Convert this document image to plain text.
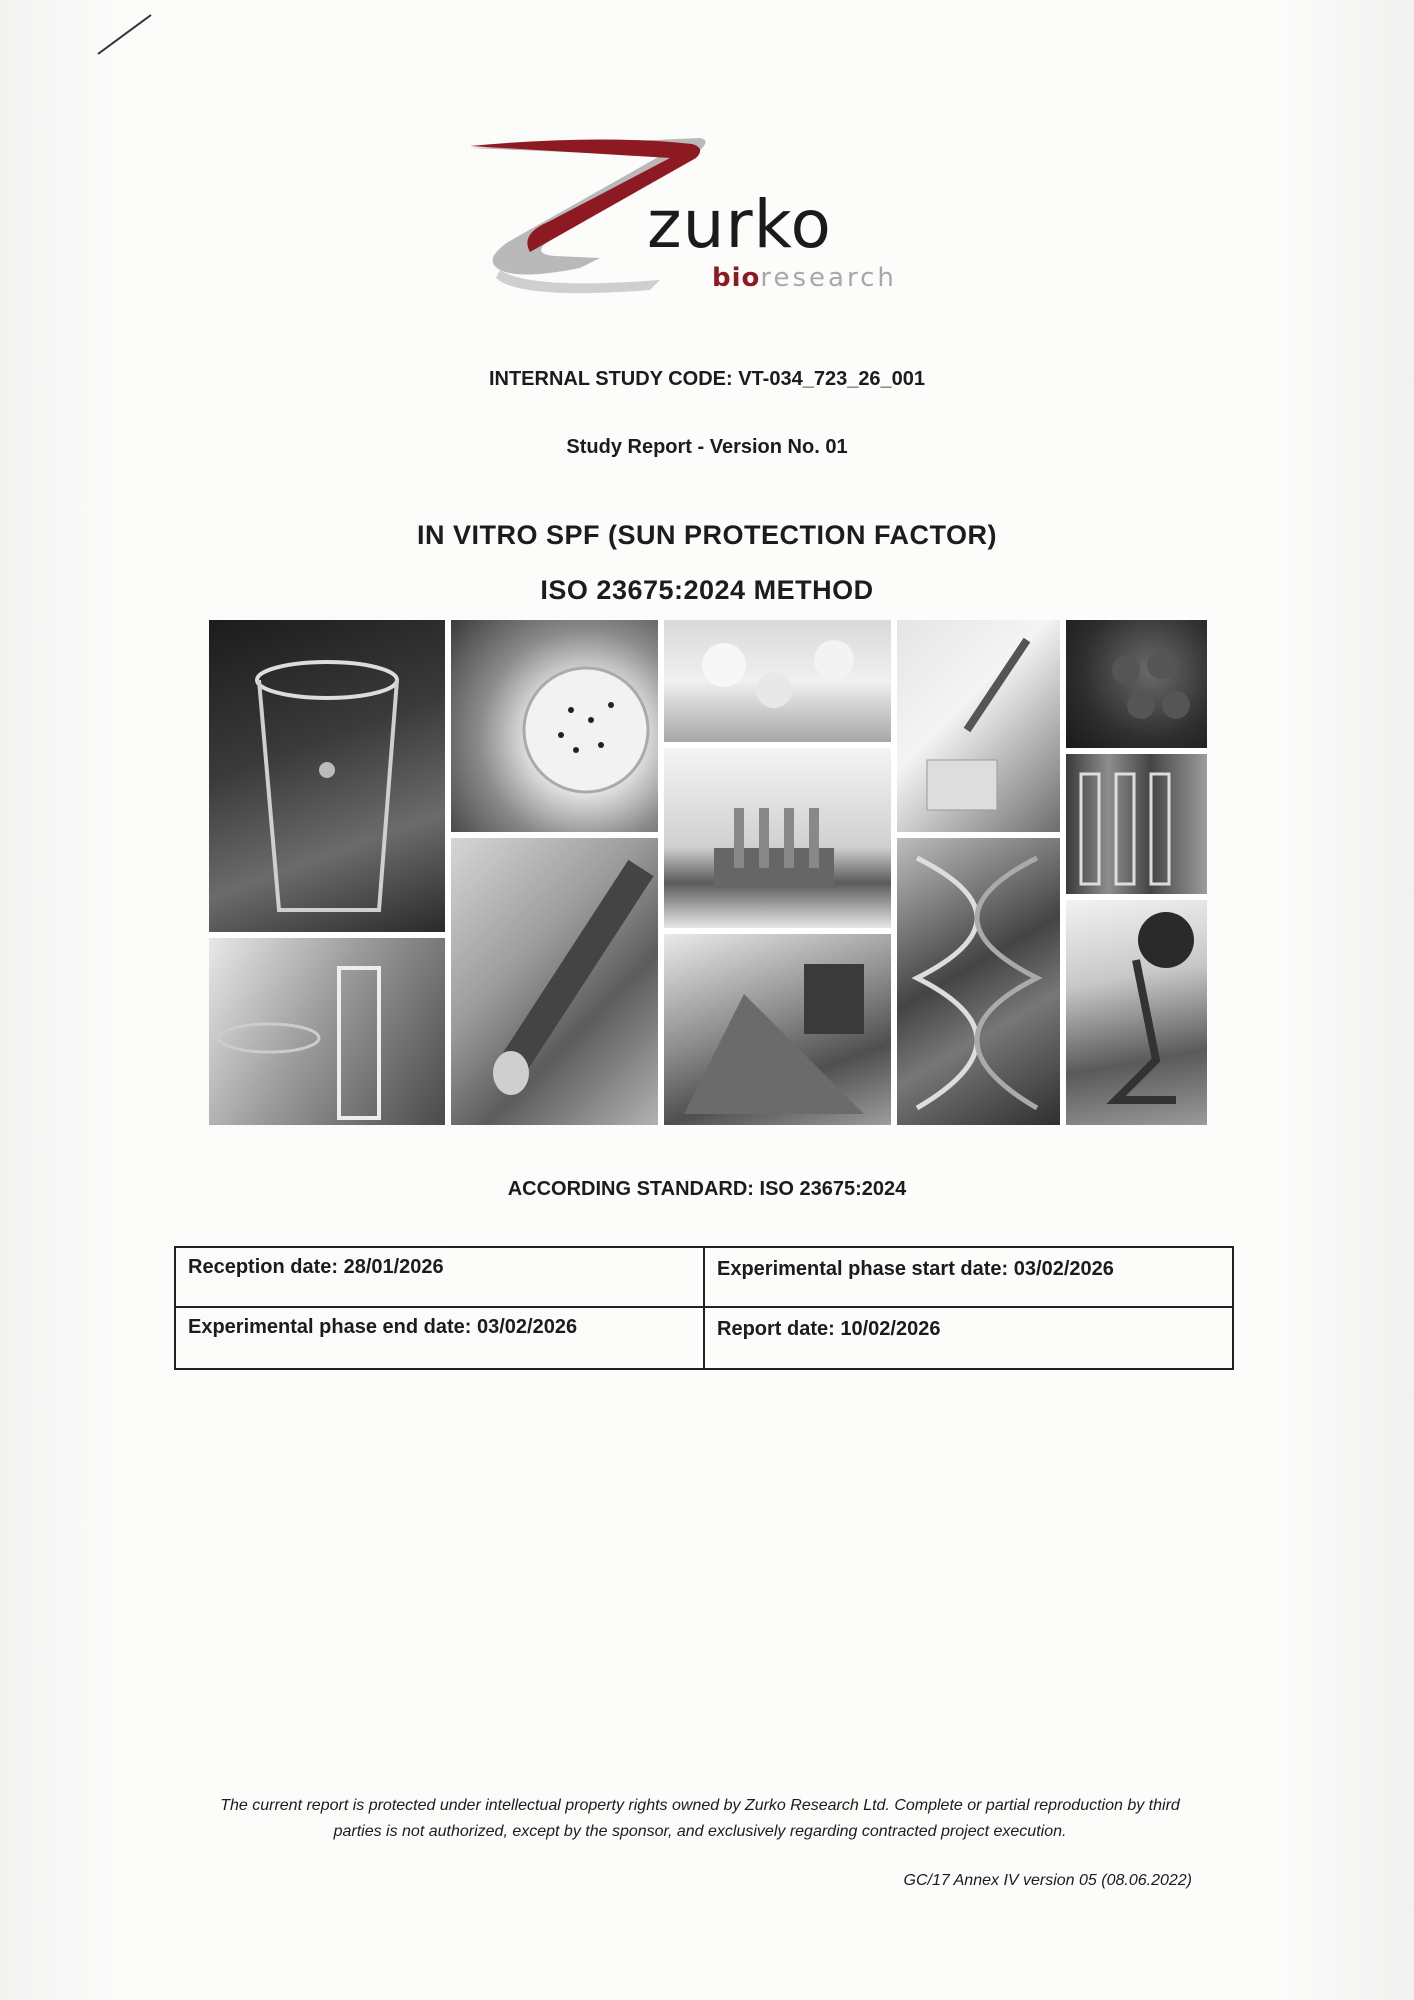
zurko
bioresearch
INTERNAL STUDY CODE: VT-034_723_26_001
Study Report - Version No. 01
IN VITRO SPF (SUN PROTECTION FACTOR)
ISO 23675:2024 METHOD
ACCORDING STANDARD: ISO 23675:2024
Reception date: 28/01/2026	Experimental phase start date: 03/02/2026
Experimental phase end date: 03/02/2026	Report date: 10/02/2026
The current report is protected under intellectual property rights owned by Zurko Research Ltd. Complete or partial reproduction by third parties is not authorized, except by the sponsor, and exclusively regarding contracted project execution.
GC/17 Annex IV version 05 (08.06.2022)
